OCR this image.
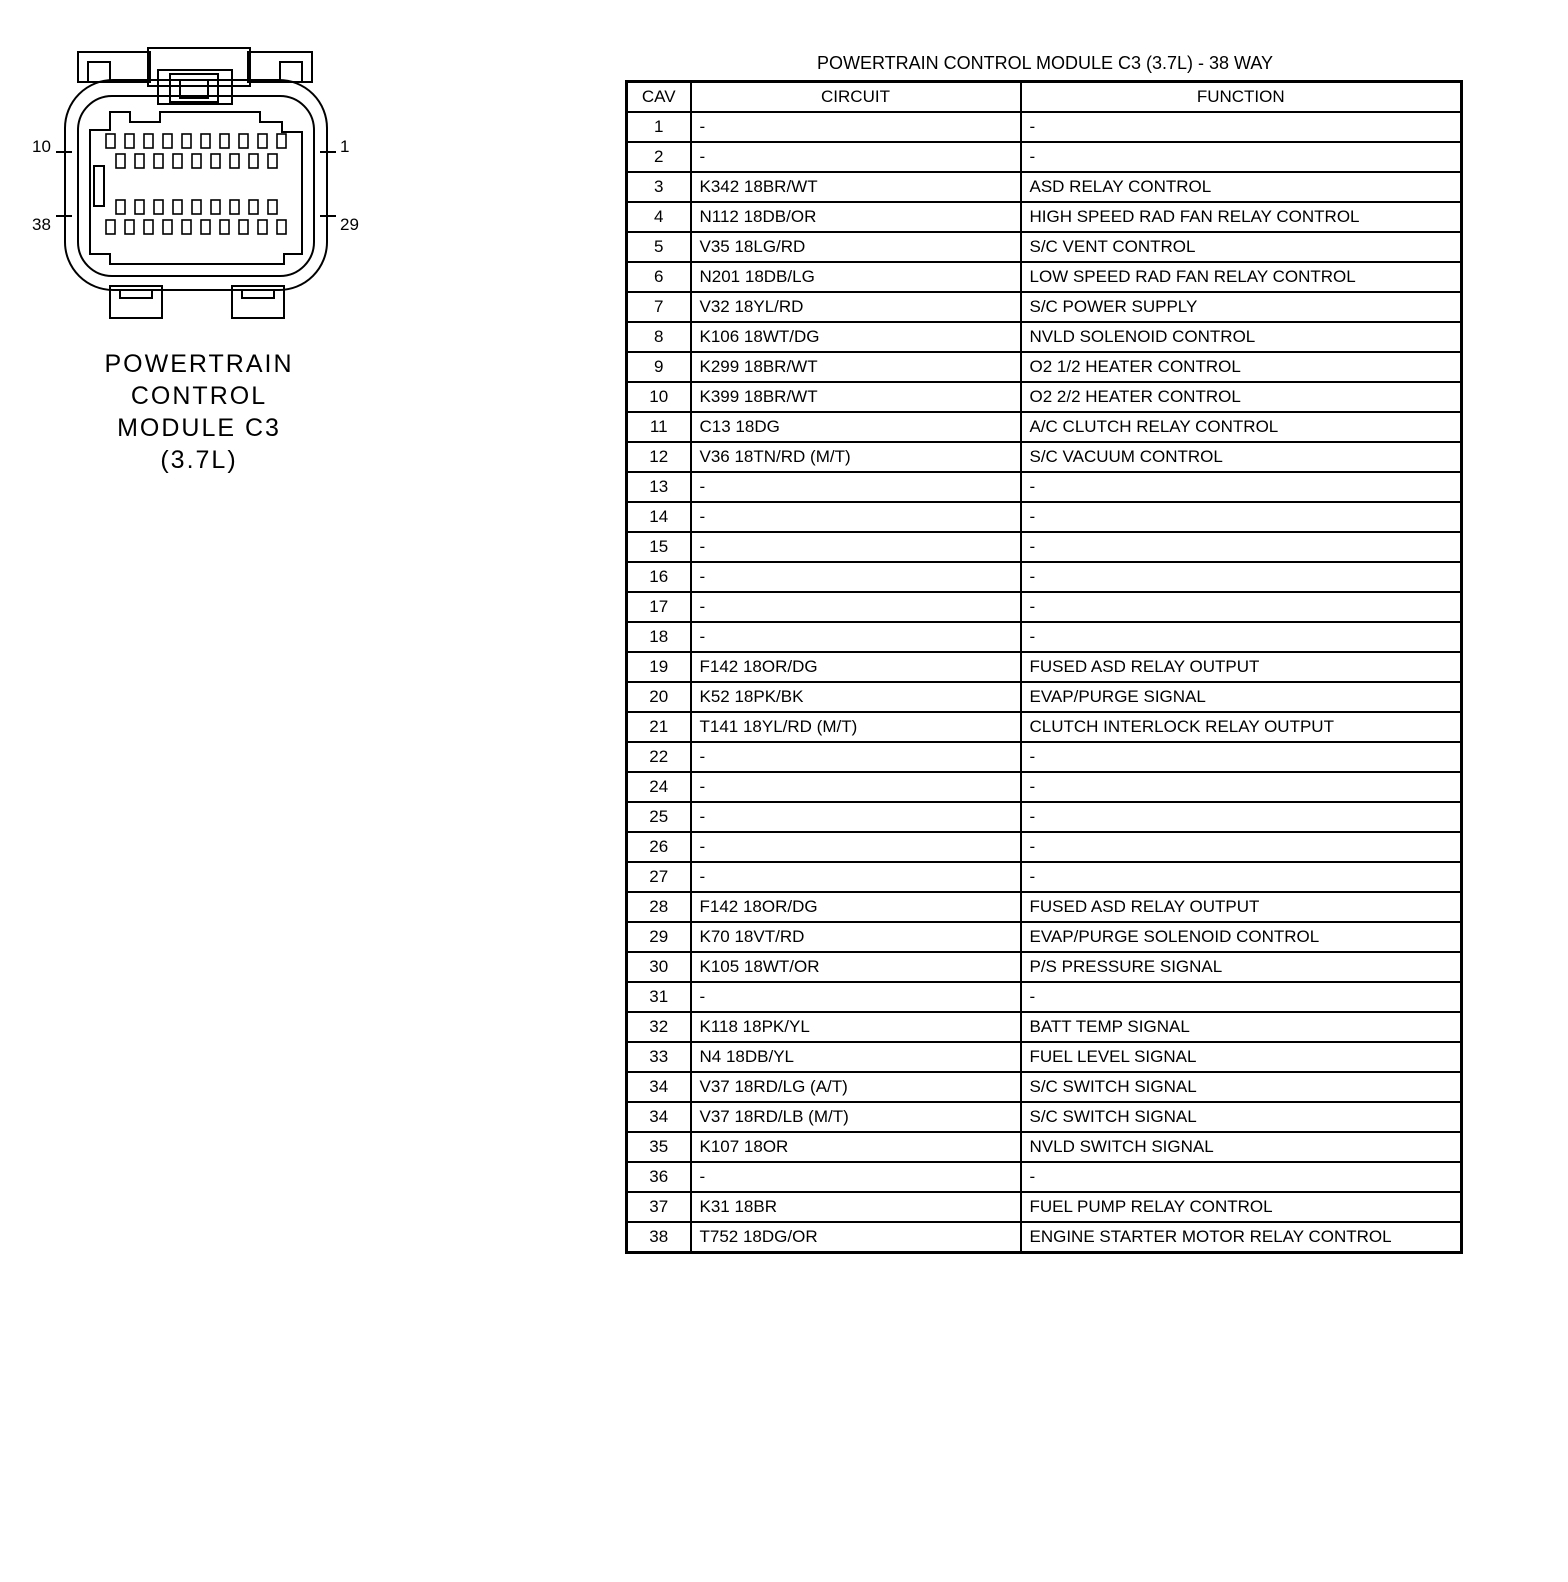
10	1
38	29
POWERTRAIN
CONTROL
MODULE C3
(3.7L)
POWERTRAIN CONTROL MODULE C3 (3.7L) - 38 WAY
CAV	CIRCUIT	FUNCTION
1	-	-
2	-	-
3	K342 18BR/WT	ASD RELAY CONTROL
4	N112 18DB/OR	HIGH SPEED RAD FAN RELAY CONTROL
5	V35 18LG/RD	S/C VENT CONTROL
6	N201 18DB/LG	LOW SPEED RAD FAN RELAY CONTROL
7	V32 18YL/RD	S/C POWER SUPPLY
8	K106 18WT/DG	NVLD SOLENOID CONTROL
9	K299 18BR/WT	O2 1/2 HEATER CONTROL
10	K399 18BR/WT	O2 2/2 HEATER CONTROL
11	C13 18DG	A/C CLUTCH RELAY CONTROL
12	V36 18TN/RD (M/T)	S/C VACUUM CONTROL
13	-	-
14	-	-
15	-	-
16	-	-
17	-	-
18	-	-
19	F142 18OR/DG	FUSED ASD RELAY OUTPUT
20	K52 18PK/BK	EVAP/PURGE SIGNAL
21	T141 18YL/RD (M/T)	CLUTCH INTERLOCK RELAY OUTPUT
22	-	-
24	-	-
25	-	-
26	-	-
27	-	-
28	F142 18OR/DG	FUSED ASD RELAY OUTPUT
29	K70 18VT/RD	EVAP/PURGE SOLENOID CONTROL
30	K105 18WT/OR	P/S PRESSURE SIGNAL
31	-	-
32	K118 18PK/YL	BATT TEMP SIGNAL
33	N4 18DB/YL	FUEL LEVEL SIGNAL
34	V37 18RD/LG (A/T)	S/C SWITCH SIGNAL
34	V37 18RD/LB (M/T)	S/C SWITCH SIGNAL
35	K107 18OR	NVLD SWITCH SIGNAL
36	-	-
37	K31 18BR	FUEL PUMP RELAY CONTROL
38	T752 18DG/OR	ENGINE STARTER MOTOR RELAY CONTROL
